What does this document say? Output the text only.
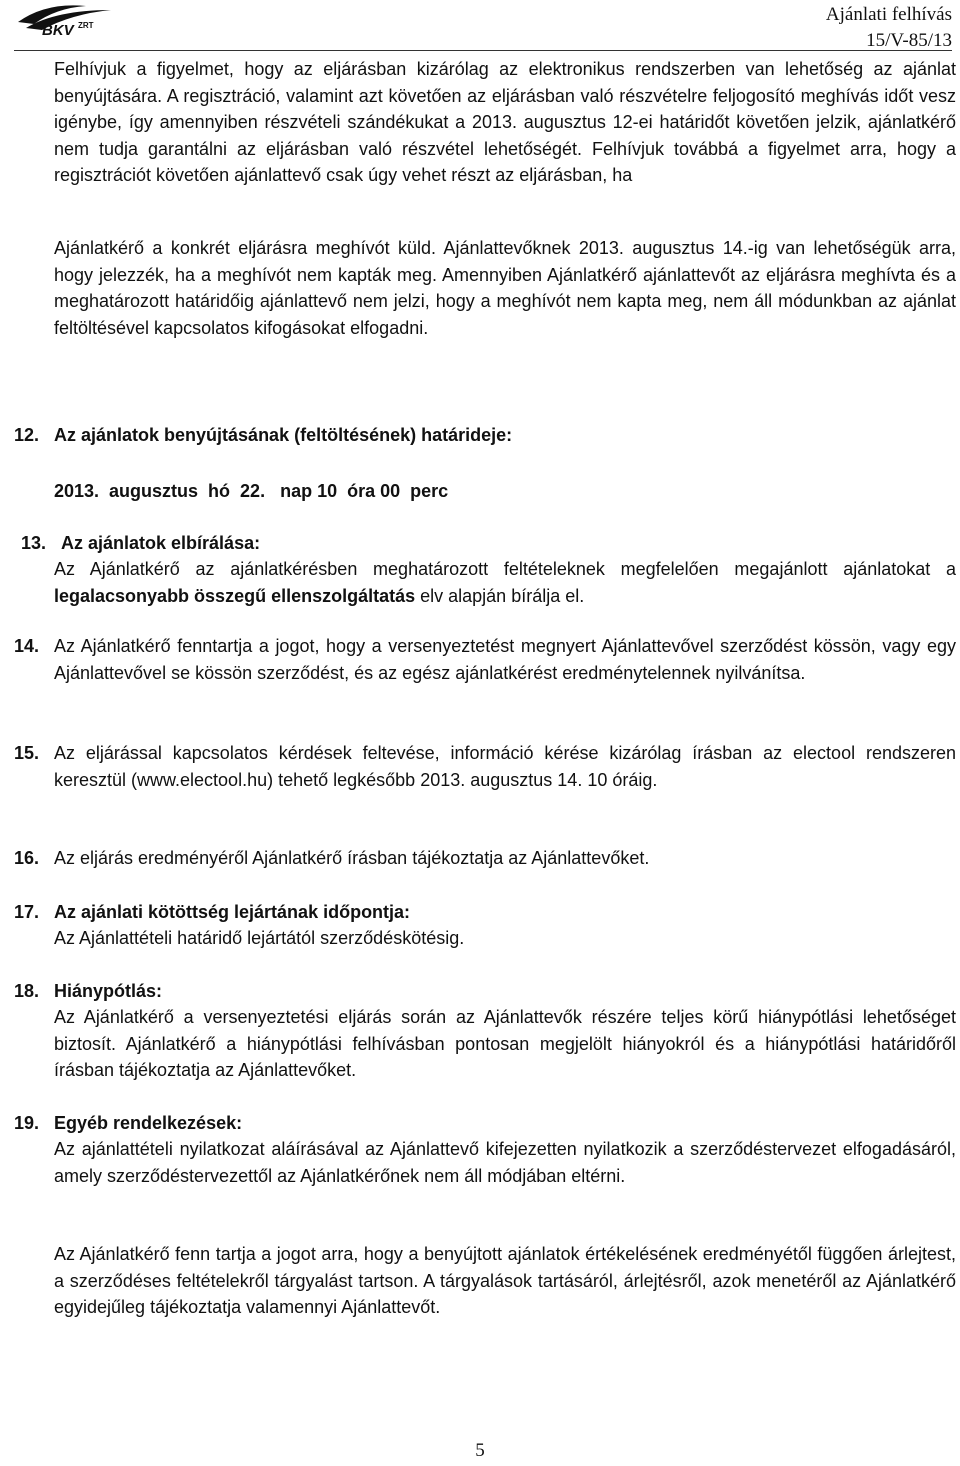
BKV ZRT
Ajánlati felhívás
15/V-85/13

Felhívjuk a figyelmet, hogy az eljárásban kizárólag az elektronikus rendszerben van lehetőség az ajánlat benyújtására. A regisztráció, valamint azt követően az eljárásban való részvételre feljogosító meghívás időt vesz igénybe, így amennyiben részvételi szándékukat a 2013. augusztus 12-ei határidőt követően jelzik, ajánlatkérő nem tudja garantálni az eljárásban való részvétel lehetőségét. Felhívjuk továbbá a figyelmet arra, hogy a regisztrációt követően ajánlattevő csak úgy vehet részt az eljárásban, ha

Ajánlatkérő a konkrét eljárásra meghívót küld. Ajánlattevőknek 2013. augusztus 14.-ig van lehetőségük arra, hogy jelezzék, ha a meghívót nem kapták meg. Amennyiben Ajánlatkérő ajánlattevőt az eljárásra meghívta és a meghatározott határidőig ajánlattevő nem jelzi, hogy a meghívót nem kapta meg, nem áll módunkban az ajánlat feltöltésével kapcsolatos kifogásokat elfogadni.

12. Az ajánlatok benyújtásának (feltöltésének) határideje:
2013.  augusztus  hó  22.   nap 10  óra 00  perc
13. Az ajánlatok elbírálása:

Az Ajánlatkérő az ajánlatkérésben meghatározott feltételeknek megfelelően megajánlott ajánlatokat a legalacsonyabb összegű ellenszolgáltatás elv alapján bírálja el.

14. Az Ajánlatkérő fenntartja a jogot, hogy a versenyeztetést megnyert Ajánlattevővel szerződést kössön, vagy egy Ajánlattevővel se kössön szerződést, és az egész ajánlatkérést eredménytelennek nyilvánítsa.

15. Az eljárással kapcsolatos kérdések feltevése, információ kérése kizárólag írásban az electool rendszeren keresztül (www.electool.hu) tehető legkésőbb 2013. augusztus 14. 10 óráig.

16. Az eljárás eredményéről Ajánlatkérő írásban tájékoztatja az Ajánlattevőket.

17. Az ajánlati kötöttség lejártának időpontja:

Az Ajánlattételi határidő lejártától szerződéskötésig.

18. Hiánypótlás:

Az Ajánlatkérő a versenyeztetési eljárás során az Ajánlattevők részére teljes körű hiánypótlási lehetőséget biztosít. Ajánlatkérő a hiánypótlási felhívásban pontosan megjelölt hiányokról és a hiánypótlási határidőről írásban tájékoztatja az Ajánlattevőket.

19. Egyéb rendelkezések:

Az ajánlattételi nyilatkozat aláírásával az Ajánlattevő kifejezetten nyilatkozik a szerződéstervezet elfogadásáról, amely szerződéstervezettől az Ajánlatkérőnek nem áll módjában eltérni.

Az Ajánlatkérő fenn tartja a jogot arra, hogy a benyújtott ajánlatok értékelésének eredményétől függően árlejtest, a szerződéses feltételekről tárgyalást tartson. A tárgyalások tartásáról, árlejtésről, azok menetéről az Ajánlatkérő egyidejűleg tájékoztatja valamennyi Ajánlattevőt.

5
